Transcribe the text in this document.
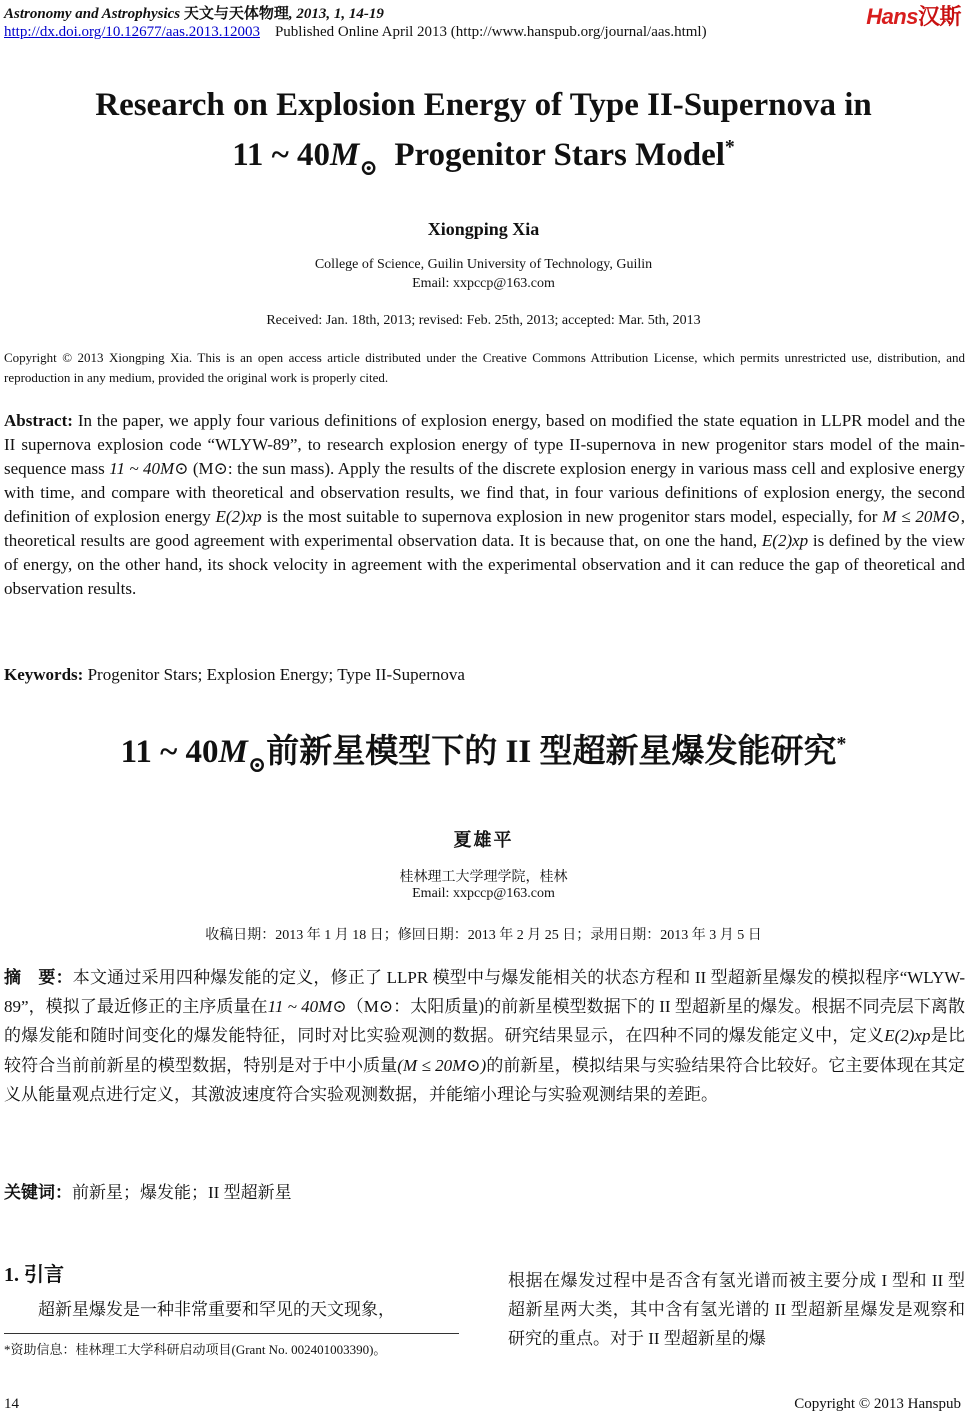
Astronomy and Astrophysics 天文与天体物理, 2013, 1, 14-19
http://dx.doi.org/10.12677/aas.2013.12003 Published Online April 2013 (http://www.hanspub.org/journal/aas.html)
Hans汉斯
Research on Explosion Energy of Type II-Supernova in
11 ~ $40M_⊙$ Progenitor Stars Model*
Xiongping Xia
College of Science, Guilin University of Technology, Guilin
Email: xxpccp@163.com
Received: Jan. 18th, 2013; revised: Feb. 25th, 2013; accepted: Mar. 5th, 2013
Copyright © 2013 Xiongping Xia. This is an open access article distributed under the Creative Commons Attribution License, which permits unrestricted use, distribution, and reproduction in any medium, provided the original work is properly cited.
Abstract: In the paper, we apply four various definitions of explosion energy, based on modified the state equation in LLPR model and the II supernova explosion code “WLYW-89”, to research explosion energy of type II-supernova in new progenitor stars model of the main-sequence mass 11 ~ 40M⊙ (M⊙: the sun mass). Apply the results of the discrete explosion energy in various mass cell and explosive energy with time, and compare with theoretical and observation results, we find that, in four various definitions of explosion energy, the second definition of explosion energy E(2)xp is the most suitable to supernova explosion in new progenitor stars model, especially, for M ≤ 20M⊙, theoretical results are good agreement with experimental observation data. It is because that, on one the hand, E(2)xp is defined by the view of energy, on the other hand, its shock velocity in agreement with the experimental observation and it can reduce the gap of theoretical and observation results.
Keywords: Progenitor Stars; Explosion Energy; Type II-Supernova
11 ~ $40M_⊙$前新星模型下的 II 型超新星爆发能研究*
夏雄平
桂林理工大学理学院，桂林
Email: xxpccp@163.com
收稿日期：2013 年 1 月 18 日；修回日期：2013 年 2 月 25 日；录用日期：2013 年 3 月 5 日
摘　要：本文通过采用四种爆发能的定义，修正了 LLPR 模型中与爆发能相关的状态方程和 II 型超新星爆发的模拟程序“WLYW-89”，模拟了最近修正的主序质量在11 ~ 40M⊙（M⊙：太阳质量)的前新星模型数据下的 II 型超新星的爆发。根据不同壳层下离散的爆发能和随时间变化的爆发能特征，同时对比实验观测的数据。研究结果显示，在四种不同的爆发能定义中，定义E(2)xp是比较符合当前前新星的模型数据，特别是对于中小质量(M ≤ 20M⊙)的前新星，模拟结果与实验结果符合比较好。它主要体现在其定义从能量观点进行定义，其激波速度符合实验观测数据，并能缩小理论与实验观测结果的差距。
关键词：前新星；爆发能；II 型超新星
1. 引言
超新星爆发是一种非常重要和罕见的天文现象，
根据在爆发过程中是否含有氢光谱而被主要分成 I 型和 II 型超新星两大类，其中含有氢光谱的 II 型超新星爆发是观察和研究的重点。对于 II 型超新星的爆
*资助信息：桂林理工大学科研启动项目(Grant No. 002401003390)。
14	Copyright © 2013 Hanspub
